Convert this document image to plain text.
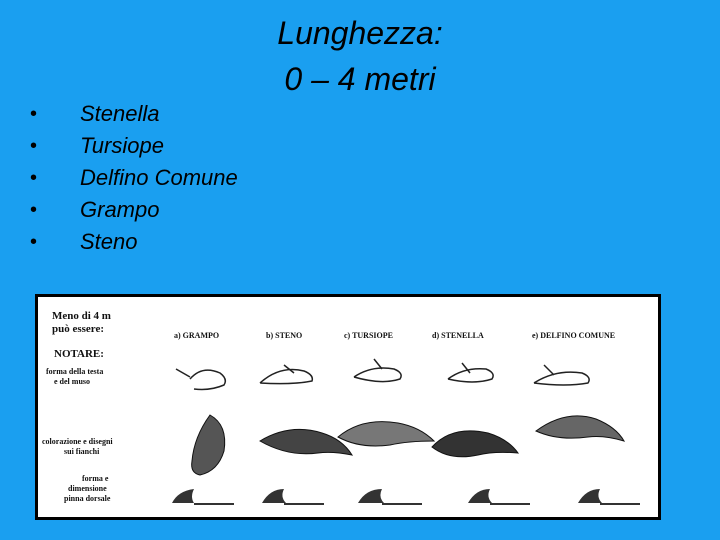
Lunghezza:
0 – 4 metri
•	Stenella
•	Tursiope
•	Delfino Comune
•	Grampo
•	Steno
Meno di 4 m
può essere:
NOTARE:
forma della testa
e del muso
colorazione e disegni
sui fianchi
forma e
dimensione
pinna dorsale
a) GRAMPO	b) STENO	c) TURSIOPE	d) STENELLA	e) DELFINO COMUNE
